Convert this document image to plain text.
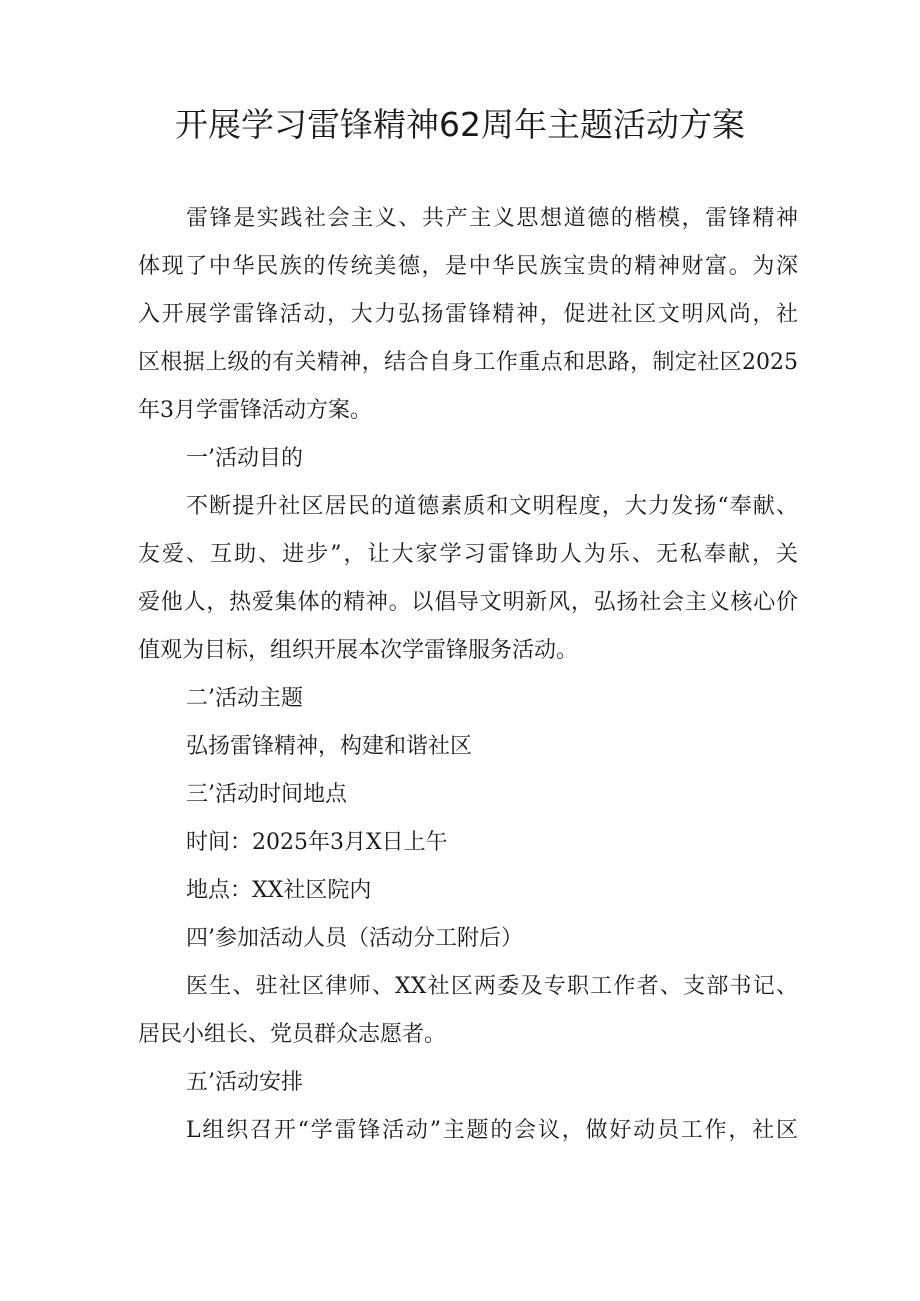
开展学习雷锋精神62周年主题活动方案
雷锋是实践社会主义、共产主义思想道德的楷模，雷锋精神
体现了中华民族的传统美德，是中华民族宝贵的精神财富。为深
入开展学雷锋活动，大力弘扬雷锋精神，促进社区文明风尚，社
区根据上级的有关精神，结合自身工作重点和思路，制定社区2025
年3月学雷锋活动方案。
一’活动目的
不断提升社区居民的道德素质和文明程度，大力发扬“奉献、
友爱、互助、进步”，让大家学习雷锋助人为乐、无私奉献，关
爱他人，热爱集体的精神。以倡导文明新风，弘扬社会主义核心价
值观为目标，组织开展本次学雷锋服务活动。
二’活动主题
弘扬雷锋精神，构建和谐社区
三’活动时间地点
时间：2025年3月X日上午
地点：XX社区院内
四’参加活动人员（活动分工附后）
医生、驻社区律师、XX社区两委及专职工作者、支部书记、
居民小组长、党员群众志愿者。
五’活动安排
L组织召开“学雷锋活动”主题的会议，做好动员工作，社区
